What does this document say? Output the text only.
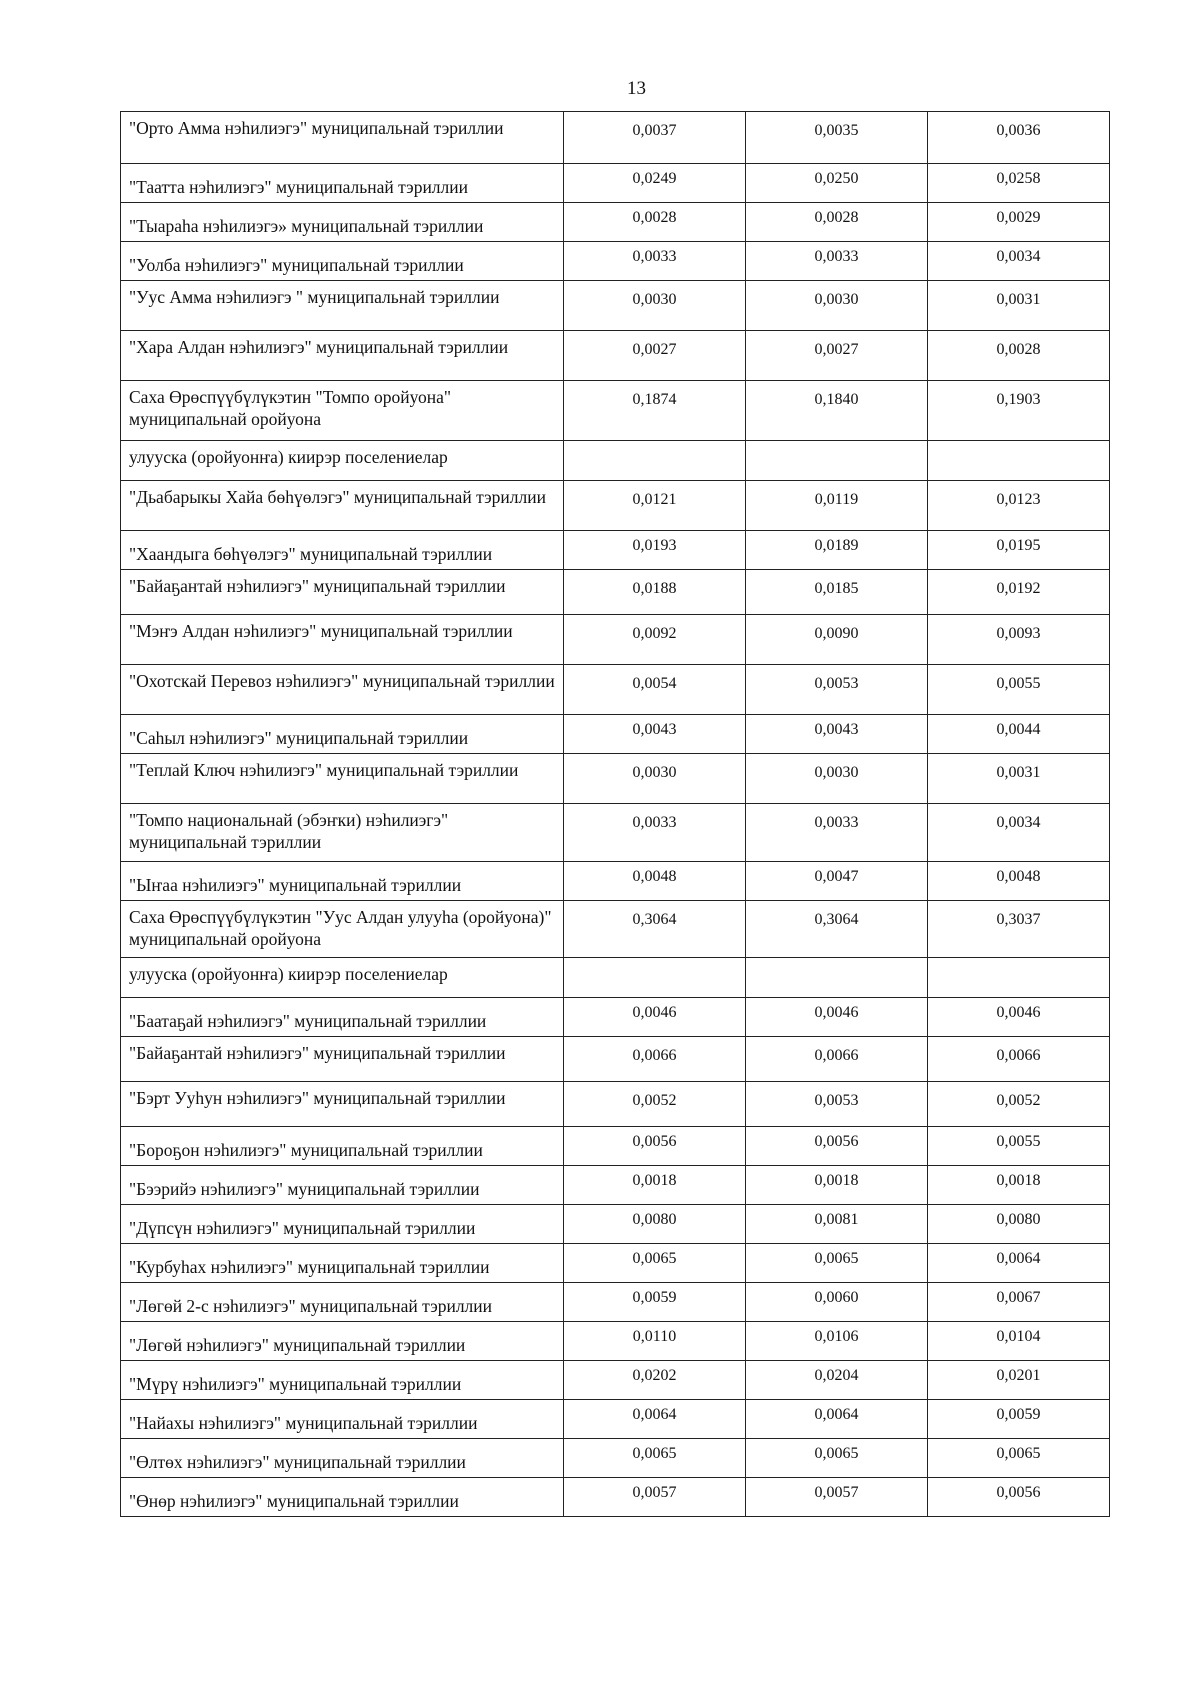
13
"Орто Амма нэhилиэгэ" муниципальнай тэриллии	0,0037	0,0035	0,0036
"Таатта нэhилиэгэ" муниципальнай тэриллии	0,0249	0,0250	0,0258
"Тыараhа нэhилиэгэ» муниципальнай тэриллии	0,0028	0,0028	0,0029
"Уолба нэhилиэгэ" муниципальнай тэриллии	0,0033	0,0033	0,0034
"Уус Амма нэhилиэгэ " муниципальнай тэриллии	0,0030	0,0030	0,0031
"Хара Алдан нэhилиэгэ" муниципальнай тэриллии	0,0027	0,0027	0,0028
Саха Өрөспүүбүлүкэтин "Томпо оройуона" муниципальнай оройуона	0,1874	0,1840	0,1903
улууска (оройуонҥа) киирэр поселениелар			
"Дьабарыкы Хайа бөhүөлэгэ" муниципальнай тэриллии	0,0121	0,0119	0,0123
"Хаандыга бөhүөлэгэ" муниципальнай тэриллии	0,0193	0,0189	0,0195
"Байаҕантай нэhилиэгэ" муниципальнай тэриллии	0,0188	0,0185	0,0192
"Мэҥэ Алдан нэhилиэгэ" муниципальнай тэриллии	0,0092	0,0090	0,0093
"Охотскай Перевоз нэhилиэгэ" муниципальнай тэриллии	0,0054	0,0053	0,0055
"Саhыл нэhилиэгэ" муниципальнай тэриллии	0,0043	0,0043	0,0044
"Теплай Ключ нэhилиэгэ" муниципальнай тэриллии	0,0030	0,0030	0,0031
"Томпо национальнай (эбэҥки) нэhилиэгэ" муниципальнай тэриллии	0,0033	0,0033	0,0034
"Ыҥаа нэhилиэгэ" муниципальнай тэриллии	0,0048	0,0047	0,0048
Саха Өрөспүүбүлүкэтин "Уус Алдан улууhа (оройуона)" муниципальнай оройуона	0,3064	0,3064	0,3037
улууска (оройуонҥа) киирэр поселениелар			
"Баатаҕай нэhилиэгэ" муниципальнай тэриллии	0,0046	0,0046	0,0046
"Байаҕантай нэhилиэгэ" муниципальнай тэриллии	0,0066	0,0066	0,0066
"Бэрт Ууhун нэhилиэгэ" муниципальнай тэриллии	0,0052	0,0053	0,0052
"Бороҕон нэhилиэгэ" муниципальнай тэриллии	0,0056	0,0056	0,0055
"Бээрийэ нэhилиэгэ" муниципальнай тэриллии	0,0018	0,0018	0,0018
"Дүпсүн нэhилиэгэ" муниципальнай тэриллии	0,0080	0,0081	0,0080
"Курбуhах нэhилиэгэ" муниципальнай тэриллии	0,0065	0,0065	0,0064
"Лөгөй 2-с нэhилиэгэ" муниципальнай тэриллии	0,0059	0,0060	0,0067
"Лөгөй нэhилиэгэ" муниципальнай тэриллии	0,0110	0,0106	0,0104
"Мүрү нэhилиэгэ" муниципальнай тэриллии	0,0202	0,0204	0,0201
"Найахы нэhилиэгэ" муниципальнай тэриллии	0,0064	0,0064	0,0059
"Өлтөх нэhилиэгэ" муниципальнай тэриллии	0,0065	0,0065	0,0065
"Өнөр нэhилиэгэ" муниципальнай тэриллии	0,0057	0,0057	0,0056
